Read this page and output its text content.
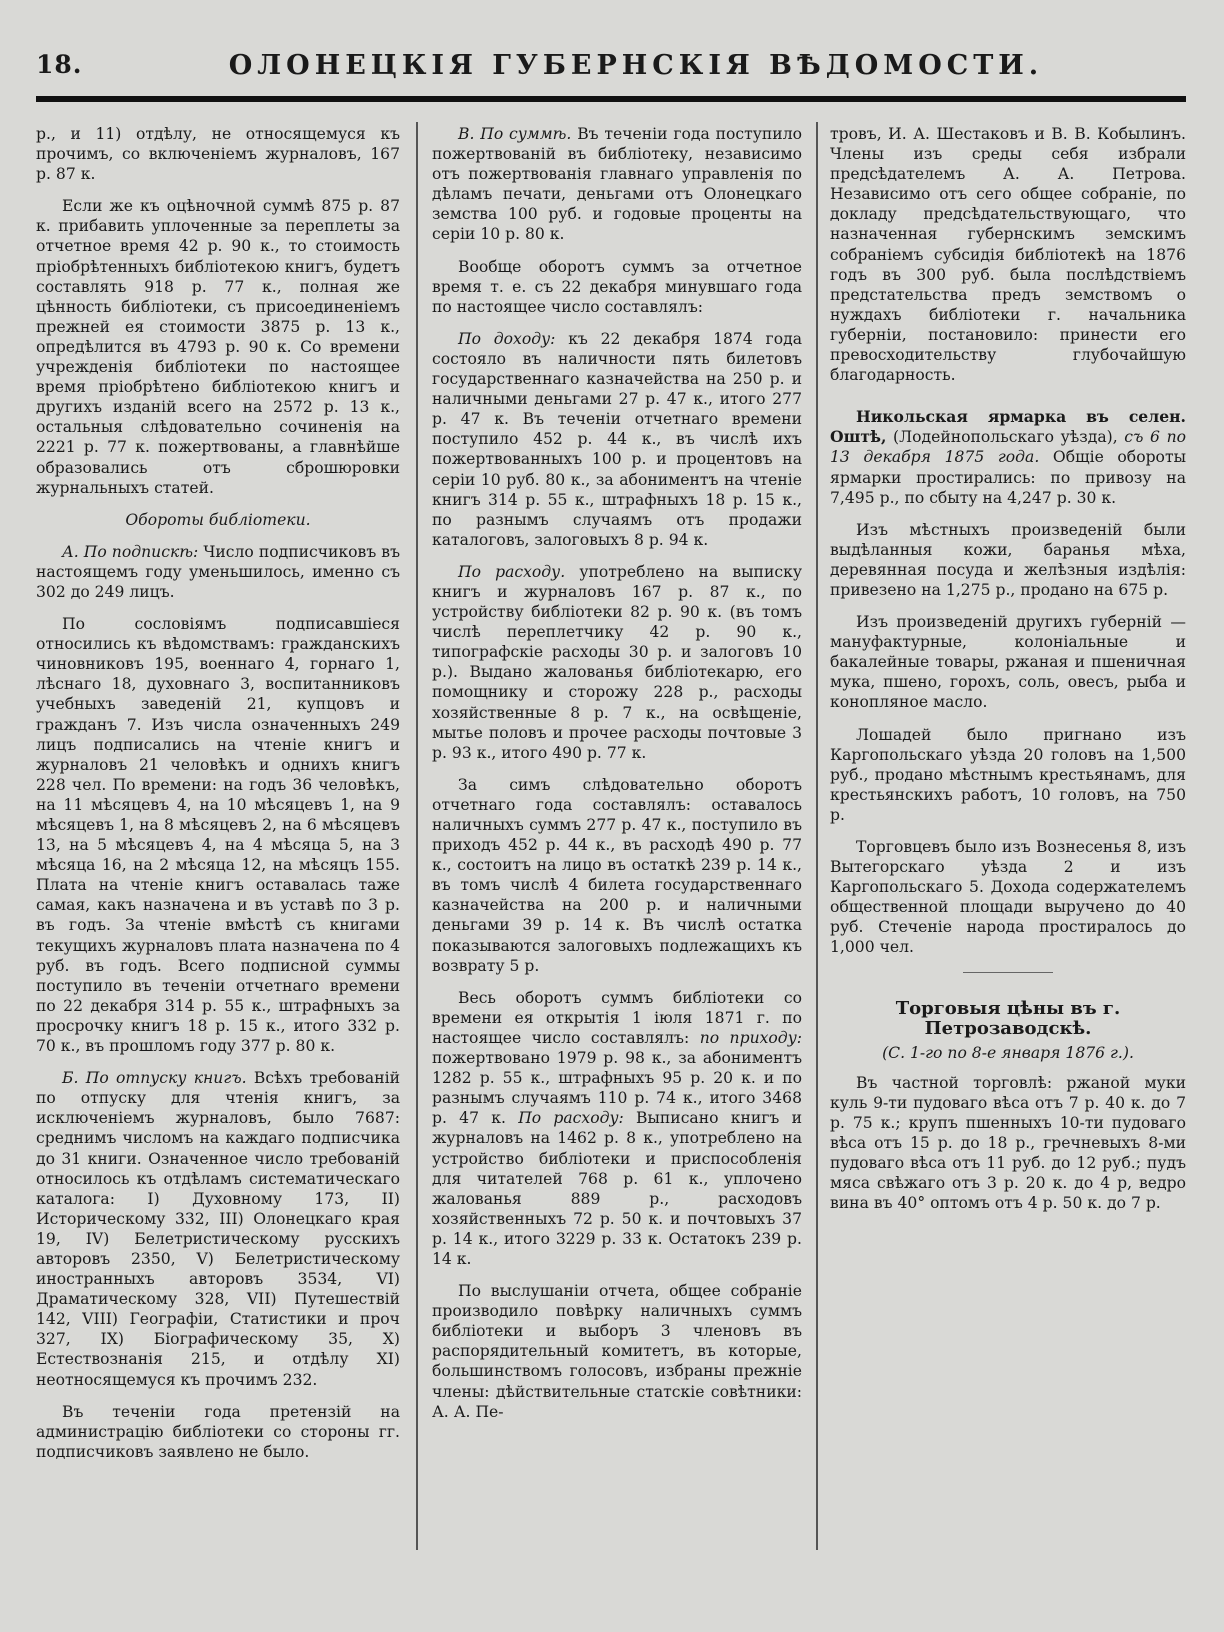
18.	ОЛОНЕЦКІЯ ГУБЕРНСКІЯ ВѢДОМОСТИ.

р., и 11) отдѣлу, не относящемуся къ прочимъ, со включеніемъ журналовъ, 167 р. 87 к.

Если же къ оцѣночной суммѣ 875 р. 87 к. прибавить уплоченные за переплеты за отчетное время 42 р. 90 к., то стоимость пріобрѣтенныхъ библіотекою книгъ, будетъ составлять 918 р. 77 к., полная же цѣнность библіотеки, съ присоединеніемъ прежней ея стоимости 3875 р. 13 к., опредѣлится въ 4793 р. 90 к. Со времени учрежденія библіотеки по настоящее время пріобрѣтено библіотекою книгъ и другихъ изданій всего на 2572 р. 13 к., остальныя слѣдовательно сочиненія на 2221 р. 77 к. пожертвованы, а главнѣйше образовались отъ сброшюровки журнальныхъ статей.

Обороты библіотеки.

А. По подпискѣ: Число подписчиковъ въ настоящемъ году уменьшилось, именно съ 302 до 249 лицъ.

По сословіямъ подписавшіеся относились къ вѣдомствамъ: гражданскихъ чиновниковъ 195, военнаго 4, горнаго 1, лѣснаго 18, духовнаго 3, воспитанниковъ учебныхъ заведеній 21, купцовъ и гражданъ 7. Изъ числа означенныхъ 249 лицъ подписались на чтеніе книгъ и журналовъ 21 человѣкъ и однихъ книгъ 228 чел. По времени: на годъ 36 человѣкъ, на 11 мѣсяцевъ 4, на 10 мѣсяцевъ 1, на 9 мѣсяцевъ 1, на 8 мѣсяцевъ 2, на 6 мѣсяцевъ 13, на 5 мѣсяцевъ 4, на 4 мѣсяца 5, на 3 мѣсяца 16, на 2 мѣсяца 12, на мѣсяцъ 155. Плата на чтеніе книгъ оставалась таже самая, какъ назначена и въ уставѣ по 3 р. въ годъ. За чтеніе вмѣстѣ съ книгами текущихъ журналовъ плата назначена по 4 руб. въ годъ. Всего подписной суммы поступило въ теченіи отчетнаго времени по 22 декабря 314 р. 55 к., штрафныхъ за просрочку книгъ 18 р. 15 к., итого 332 р. 70 к., въ прошломъ году 377 р. 80 к.

Б. По отпуску книгъ. Всѣхъ требованій по отпуску для чтенія книгъ, за исключеніемъ журналовъ, было 7687: среднимъ числомъ на каждаго подписчика до 31 книги. Означенное число требованій относилось къ отдѣламъ систематическаго каталога: I) Духовному 173, II) Историческому 332, III) Олонецкаго края 19, IV) Белетристическому русскихъ авторовъ 2350, V) Белетристическому иностранныхъ авторовъ 3534, VI) Драматическому 328, VII) Путешествій 142, VIII) Географіи, Статистики и проч 327, IX) Біографическому 35, X) Естествознанія 215, и отдѣлу XI) неотносящемуся къ прочимъ 232.

Въ теченіи года претензій на администрацію библіотеки со стороны гг. подписчиковъ заявлено не было.

В. По суммѣ. Въ теченіи года поступило пожертвованій въ библіотеку, независимо отъ пожертвованія главнаго управленія по дѣламъ печати, деньгами отъ Олонецкаго земства 100 руб. и годовые проценты на серіи 10 р. 80 к.

Вообще оборотъ суммъ за отчетное время т. е. съ 22 декабря минувшаго года по настоящее число составлялъ:

По доходу: къ 22 декабря 1874 года состояло въ наличности пять билетовъ государственнаго казначейства на 250 р. и наличными деньгами 27 р. 47 к., итого 277 р. 47 к. Въ теченіи отчетнаго времени поступило 452 р. 44 к., въ числѣ ихъ пожертвованныхъ 100 р. и процентовъ на серіи 10 руб. 80 к., за абониментъ на чтеніе книгъ 314 р. 55 к., штрафныхъ 18 р. 15 к., по разнымъ случаямъ отъ продажи каталоговъ, залоговыхъ 8 р. 94 к.

По расходу. употреблено на выписку книгъ и журналовъ 167 р. 87 к., по устройству библіотеки 82 р. 90 к. (въ томъ числѣ переплетчику 42 р. 90 к., типографскіе расходы 30 р. и залоговъ 10 р.). Выдано жалованья библіотекарю, его помощнику и сторожу 228 р., расходы хозяйственные 8 р. 7 к., на освѣщеніе, мытье половъ и прочее расходы почтовые 3 р. 93 к., итого 490 р. 77 к.

За симъ слѣдовательно оборотъ отчетнаго года составлялъ: оставалось наличныхъ суммъ 277 р. 47 к., поступило въ приходъ 452 р. 44 к., въ расходѣ 490 р. 77 к., состоитъ на лицо въ остаткѣ 239 р. 14 к., въ томъ числѣ 4 билета государственнаго казначейства на 200 р. и наличными деньгами 39 р. 14 к. Въ числѣ остатка показываются залоговыхъ подлежащихъ къ возврату 5 р.

Весь оборотъ суммъ библіотеки со времени ея открытія 1 іюля 1871 г. по настоящее число составлялъ: по приходу: пожертвовано 1979 р. 98 к., за абониментъ 1282 р. 55 к., штрафныхъ 95 р. 20 к. и по разнымъ случаямъ 110 р. 74 к., итого 3468 р. 47 к. По расходу: Выписано книгъ и журналовъ на 1462 р. 8 к., употреблено на устройство библіотеки и приспособленія для читателей 768 р. 61 к., уплочено жалованья 889 р., расходовъ хозяйственныхъ 72 р. 50 к. и почтовыхъ 37 р. 14 к., итого 3229 р. 33 к. Остатокъ 239 р. 14 к.

По выслушаніи отчета, общее собраніе производило повѣрку наличныхъ суммъ библіотеки и выборъ 3 членовъ въ распорядительный комитетъ, въ которые, большинствомъ голосовъ, избраны прежніе члены: дѣйствительные статскіе совѣтники: А. А. Пе-

тровъ, И. А. Шестаковъ и В. В. Кобылинъ. Члены изъ среды себя избрали предсѣдателемъ А. А. Петрова. Независимо отъ сего общее собраніе, по докладу предсѣдательствующаго, что назначенная губернскимъ земскимъ собраніемъ субсидія библіотекѣ на 1876 годъ въ 300 руб. была послѣдствіемъ предстательства предъ земствомъ о нуждахъ библіотеки г. начальника губерніи, постановило: принести его превосходительству глубочайшую благодарность.

Никольская ярмарка въ селен. Оштѣ, (Лодейнопольскаго уѣзда), съ 6 по 13 декабря 1875 года. Общіе обороты ярмарки простирались: по привозу на 7,495 р., по сбыту на 4,247 р. 30 к.

Изъ мѣстныхъ произведеній были выдѣланныя кожи, баранья мѣха, деревянная посуда и желѣзныя издѣлія: привезено на 1,275 р., продано на 675 р.

Изъ произведеній другихъ губерній — мануфактурные, колоніальные и бакалейные товары, ржаная и пшеничная мука, пшено, горохъ, соль, овесъ, рыба и конопляное масло.

Лошадей было пригнано изъ Каргопольскаго уѣзда 20 головъ на 1,500 руб., продано мѣстнымъ крестьянамъ, для крестьянскихъ работъ, 10 головъ, на 750 р.

Торговцевъ было изъ Вознесенья 8, изъ Вытегорскаго уѣзда 2 и изъ Каргопольскаго 5. Дохода содержателемъ общественной площади выручено до 40 руб. Стеченіе народа простиралось до 1,000 чел.

Торговыя цѣны въ г. Петрозаводскѣ.

(С. 1-го по 8-е января 1876 г.).

Въ частной торговлѣ: ржаной муки куль 9-ти пудоваго вѣса отъ 7 р. 40 к. до 7 р. 75 к.; крупъ пшенныхъ 10-ти пудоваго вѣса отъ 15 р. до 18 р., гречневыхъ 8-ми пудоваго вѣса отъ 11 руб. до 12 руб.; пудъ мяса свѣжаго отъ 3 р. 20 к. до 4 р, ведро вина въ 40° оптомъ отъ 4 р. 50 к. до 7 р.
